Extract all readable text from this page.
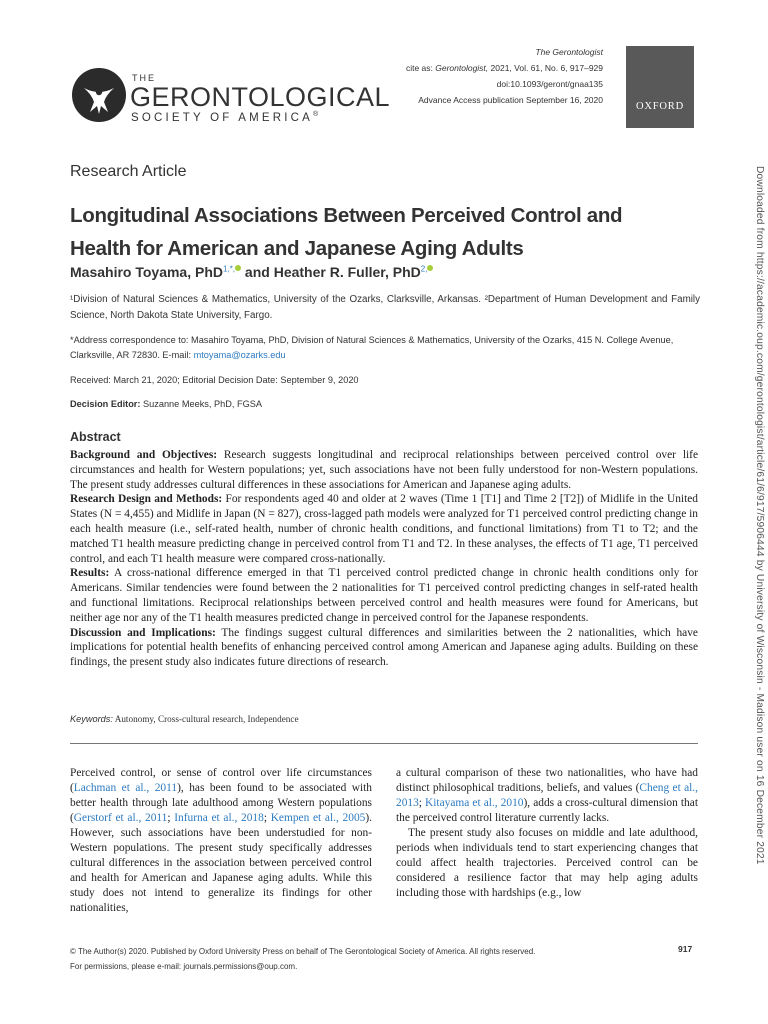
THE
GERONTOLOGICAL
SOCIETY OF AMERICA®
The Gerontologist
cite as: Gerontologist, 2021, Vol. 61, No. 6, 917–929
doi:10.1093/geront/gnaa135
Advance Access publication September 16, 2020
OXFORD
Research Article
Longitudinal Associations Between Perceived Control and
Health for American and Japanese Aging Adults
Masahiro Toyama, PhD$^{1,*,}$ and Heather R. Fuller, PhD$^{2,}$
¹Division of Natural Sciences & Mathematics, University of the Ozarks, Clarksville, Arkansas. ²Department of Human Development and Family Science, North Dakota State University, Fargo.
*Address correspondence to: Masahiro Toyama, PhD, Division of Natural Sciences & Mathematics, University of the Ozarks, 415 N. College Avenue, Clarksville, AR 72830. E-mail: mtoyama@ozarks.edu
Received: March 21, 2020; Editorial Decision Date: September 9, 2020
Decision Editor: Suzanne Meeks, PhD, FGSA
Abstract

Background and Objectives: Research suggests longitudinal and reciprocal relationships between perceived control over life circumstances and health for Western populations; yet, such associations have not been fully understood for non-Western populations. The present study addresses cultural differences in these associations for American and Japanese aging adults.
Research Design and Methods: For respondents aged 40 and older at 2 waves (Time 1 [T1] and Time 2 [T2]) of Midlife in the United States (N = 4,455) and Midlife in Japan (N = 827), cross-lagged path models were analyzed for T1 perceived control predicting change in each health measure (i.e., self-rated health, number of chronic health conditions, and functional limitations) from T1 to T2; and the matched T1 health measure predicting change in perceived control from T1 and T2. In these analyses, the effects of T1 age, T1 perceived control, and each T1 health measure were compared cross-nationally.
Results: A cross-national difference emerged in that T1 perceived control predicted change in chronic health conditions only for Americans. Similar tendencies were found between the 2 nationalities for T1 perceived control predicting changes in self-rated health and functional limitations. Reciprocal relationships between perceived control and health measures were found for Americans, but neither age nor any of the T1 health measures predicted change in perceived control for the Japanese respondents.
Discussion and Implications: The findings suggest cultural differences and similarities between the 2 nationalities, which have implications for potential health benefits of enhancing perceived control among American and Japanese aging adults. Building on these findings, the present study also indicates future directions of research.

Keywords: Autonomy, Cross-cultural research, Independence

Perceived control, or sense of control over life circumstances (Lachman et al., 2011), has been found to be associated with better health through late adulthood among Western populations (Gerstorf et al., 2011; Infurna et al., 2018; Kempen et al., 2005). However, such associations have been understudied for non-Western populations. The present study specifically addresses cultural differences in the association between perceived control and health for American and Japanese aging adults. While this study does not intend to generalize its findings for other nationalities,

a cultural comparison of these two nationalities, who have had distinct philosophical traditions, beliefs, and values (Cheng et al., 2013; Kitayama et al., 2010), adds a cross-cultural dimension that the perceived control literature currently lacks.

The present study also focuses on middle and late adulthood, periods when individuals tend to start experiencing changes that could affect health trajectories. Perceived control can be considered a resilience factor that may help aging adults including those with hardships (e.g., low

© The Author(s) 2020. Published by Oxford University Press on behalf of The Gerontological Society of America. All rights reserved.
For permissions, please e-mail: journals.permissions@oup.com.
917
Downloaded from https://academic.oup.com/gerontologist/article/61/6/917/5906444 by University of Wisconsin - Madison user on 16 December 2021
